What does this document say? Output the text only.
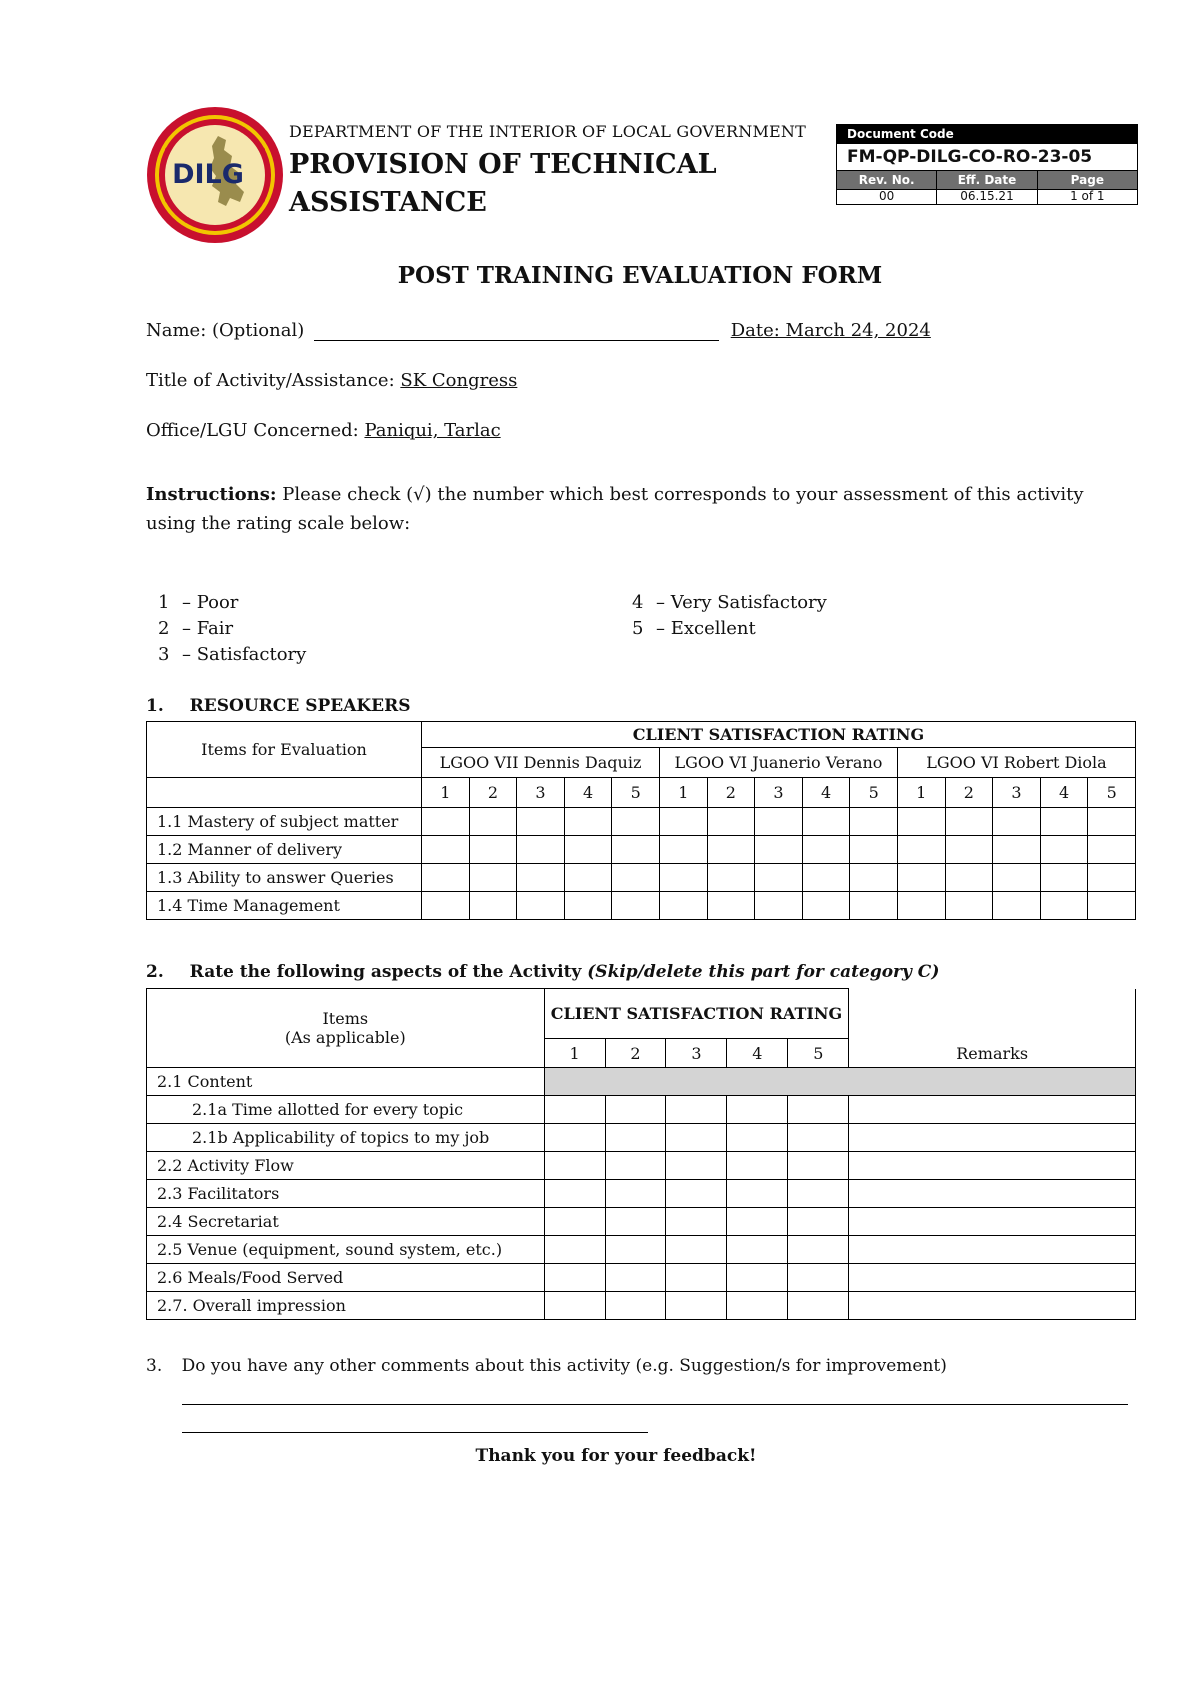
DILG
DEPARTMENT OF THE INTERIOR OF LOCAL GOVERNMENT
PROVISION OF TECHNICAL
ASSISTANCE
Document Code
FM-QP-DILG-CO-RO-23-05
Rev. No.	Eff. Date	Page
00	06.15.21	1 of 1
POST TRAINING EVALUATION FORM
Name: (Optional)	Date: March 24, 2024
Title of Activity/Assistance: SK Congress
Office/LGU Concerned: Paniqui, Tarlac
Instructions: Please check (√) the number which best corresponds to your assessment of this activity using the rating scale below:
1 – Poor
2 – Fair
3 – Satisfactory
4 – Very Satisfactory
5 – Excellent
1. RESOURCE SPEAKERS
Items for Evaluation	CLIENT SATISFACTION RATING														
	LGOO VII Dennis Daquiz					LGOO VI Juanerio Verano					LGOO VI Robert Diola				
	1	2	3	4	5	1	2	3	4	5	1	2	3	4	5
1.1 Mastery of subject matter															
1.2 Manner of delivery															
1.3 Ability to answer Queries															
1.4 Time Management															
2. Rate the following aspects of the Activity (Skip/delete this part for category C)
Items
(As applicable)	CLIENT SATISFACTION RATING					Remarks
	1	2	3	4	5	
2.1 Content						
2.1a Time allotted for every topic						
2.1b Applicability of topics to my job						
2.2 Activity Flow						
2.3 Facilitators						
2.4 Secretariat						
2.5 Venue (equipment, sound system, etc.)						
2.6 Meals/Food Served						
2.7. Overall impression						
3. Do you have any other comments about this activity (e.g. Suggestion/s for improvement)
Thank you for your feedback!
